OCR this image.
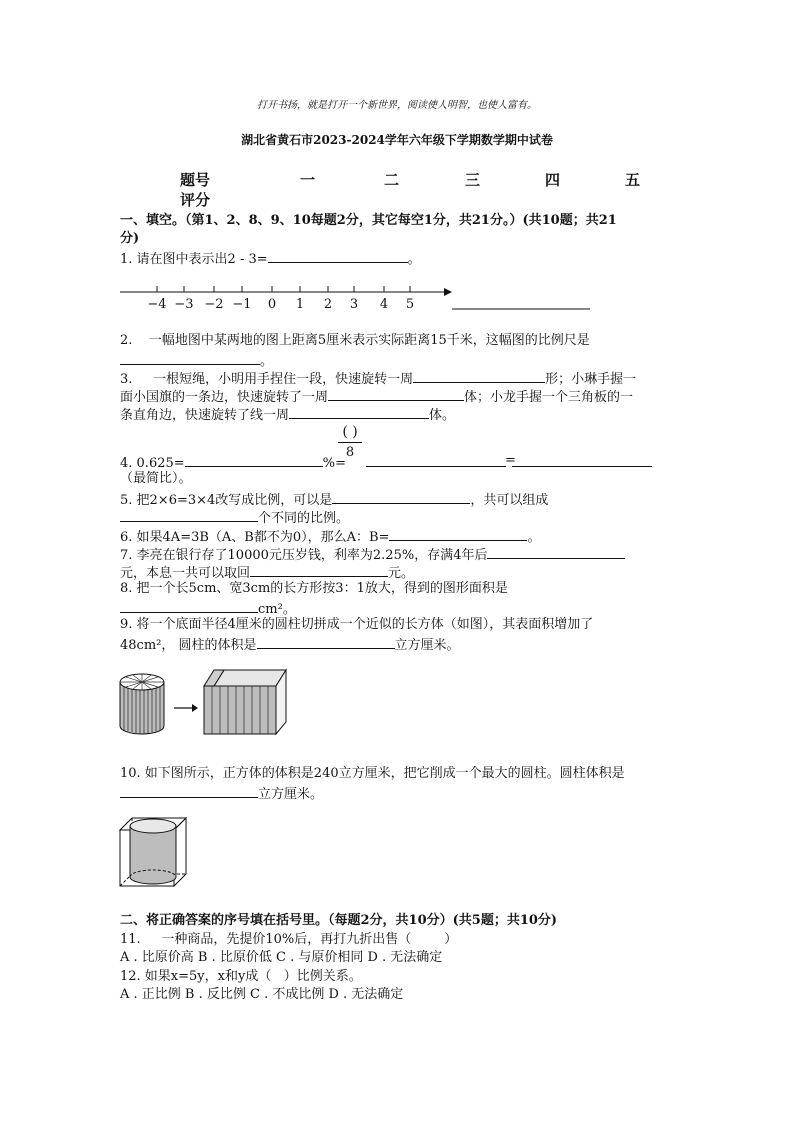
打开书扬，就是打开一个新世界，阅读使人明智，也使人富有。
湖北省黄石市2023-2024学年六年级下学期数学期中试卷
题号	一	二	三	四	五
评分
一、填空。（第1、2、8、9、10每题2分，其它每空1分，共21分。）(共10题；共21
分)
1. 请在图中表示出2 - 3=	。
−4 −3 −2 −1 0 1 2 3 4 5
2.    一幅地图中某两地的图上距离5厘米表示实际距离15千米，这幅图的比例尺是
。
3.     一根短绳，小明用手捏住一段，快速旋转一周	形；小琳手握一
面小国旗的一条边，快速旋转了一周	体；小龙手握一个三角板的一
条直角边，快速旋转了线一周	体。
( )
8
4. 0.625=	%=	=
（最简比）。
5. 把2×6=3×4改写成比例，可以是	，共可以组成
个不同的比例。
6. 如果4A=3B（A、B都不为0），那么A：B=	。
7. 李亮在银行存了10000元压岁钱，利率为2.25%，存满4年后
元，本息一共可以取回	元。
8. 把一个长5cm、宽3cm的长方形按3：1放大，得到的图形面积是
cm²。
9. 将一个底面半径4厘米的圆柱切拼成一个近似的长方体（如图），其表面积增加了
48cm²， 圆柱的体积是	立方厘米。
10. 如下图所示，正方体的体积是240立方厘米，把它削成一个最大的圆柱。圆柱体积是
立方厘米。
二、将正确答案的序号填在括号里。（每题2分，共10分）(共5题；共10分)
11.     一种商品，先提价10%后，再打九折出售（        ）
A . 比原价高 B . 比原价低 C . 与原价相同 D . 无法确定
12. 如果x=5y，x和y成（   ）比例关系。
A . 正比例 B . 反比例 C . 不成比例 D . 无法确定
